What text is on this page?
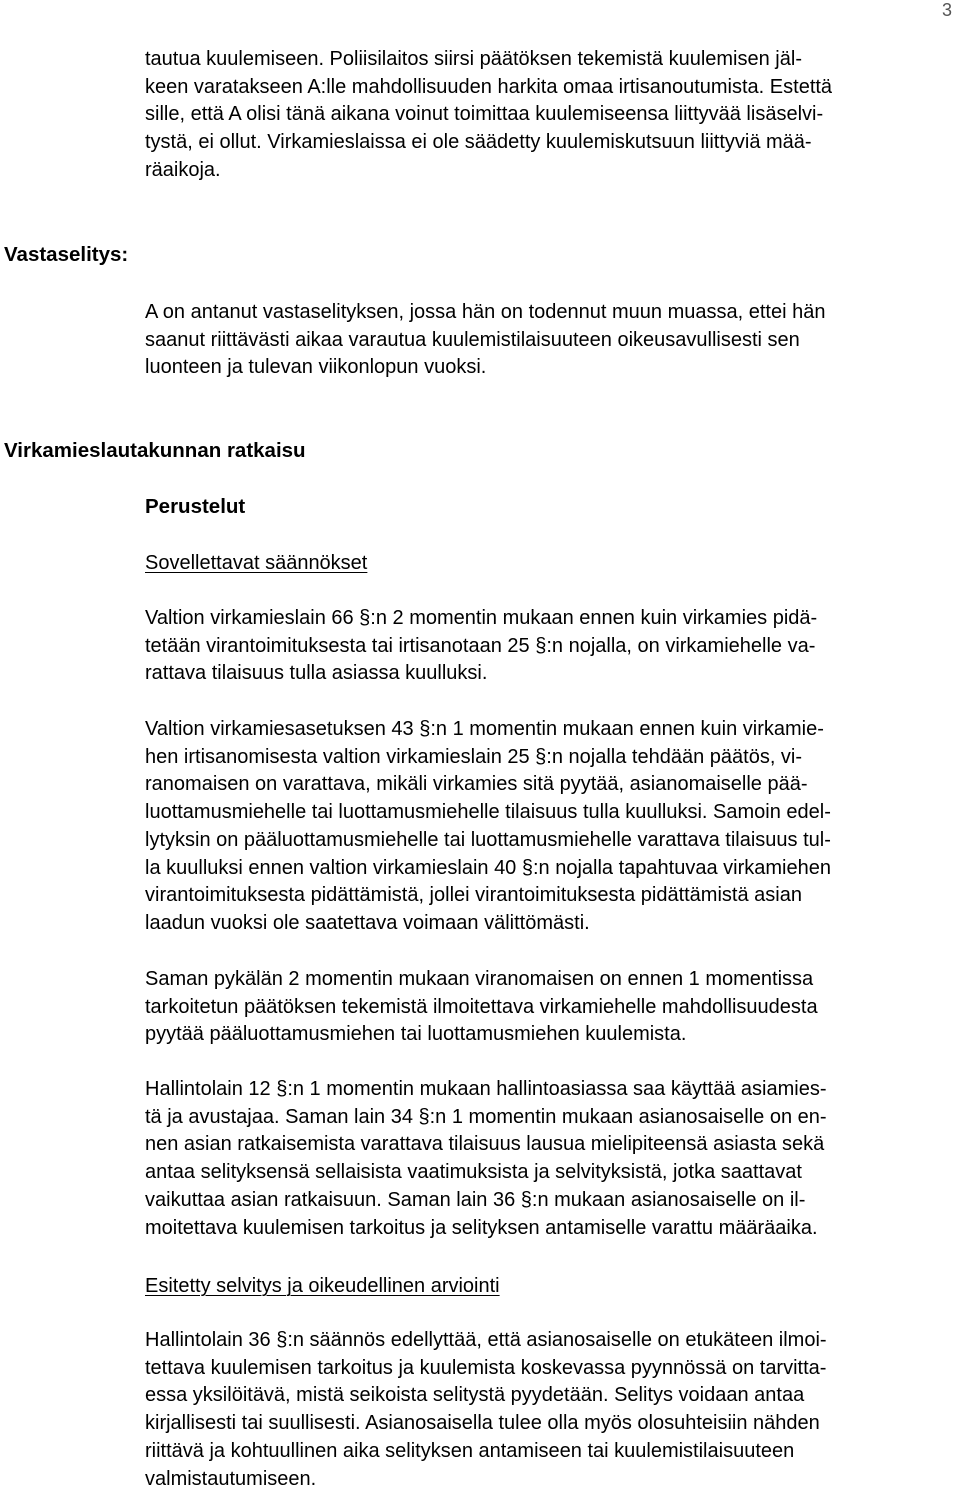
3
tautua kuulemiseen. Poliisilaitos siirsi päätöksen tekemistä kuulemisen jäl-
keen varatakseen A:lle mahdollisuuden harkita omaa irtisanoutumista. Estettä
sille, että A olisi tänä aikana voinut toimittaa kuulemiseensa liittyvää lisäselvi-
tystä, ei ollut. Virkamieslaissa ei ole säädetty kuulemiskutsuun liittyviä mää-
räaikoja.
Vastaselitys:
A on antanut vastaselityksen, jossa hän on todennut muun muassa, ettei hän
saanut riittävästi aikaa varautua kuulemistilaisuuteen oikeusavullisesti sen
luonteen ja tulevan viikonlopun vuoksi.
Virkamieslautakunnan ratkaisu
Perustelut
Sovellettavat säännökset
Valtion virkamieslain 66 §:n 2 momentin mukaan ennen kuin virkamies pidä-
tetään virantoimituksesta tai irtisanotaan 25 §:n nojalla, on virkamiehelle va-
rattava tilaisuus tulla asiassa kuulluksi.
Valtion virkamiesasetuksen 43 §:n 1 momentin mukaan ennen kuin virkamie-
hen irtisanomisesta valtion virkamieslain 25 §:n nojalla tehdään päätös, vi-
ranomaisen on varattava, mikäli virkamies sitä pyytää, asianomaiselle pää-
luottamusmiehelle tai luottamusmiehelle tilaisuus tulla kuulluksi. Samoin edel-
lytyksin on pääluottamusmiehelle tai luottamusmiehelle varattava tilaisuus tul-
la kuulluksi ennen valtion virkamieslain 40 §:n nojalla tapahtuvaa virkamiehen
virantoimituksesta pidättämistä, jollei virantoimituksesta pidättämistä asian
laadun vuoksi ole saatettava voimaan välittömästi.
Saman pykälän 2 momentin mukaan viranomaisen on ennen 1 momentissa
tarkoitetun päätöksen tekemistä ilmoitettava virkamiehelle mahdollisuudesta
pyytää pääluottamusmiehen tai luottamusmiehen kuulemista.
Hallintolain 12 §:n 1 momentin mukaan hallintoasiassa saa käyttää asiamies-
tä ja avustajaa. Saman lain 34 §:n 1 momentin mukaan asianosaiselle on en-
nen asian ratkaisemista varattava tilaisuus lausua mielipiteensä asiasta sekä
antaa selityksensä sellaisista vaatimuksista ja selvityksistä, jotka saattavat
vaikuttaa asian ratkaisuun. Saman lain 36 §:n mukaan asianosaiselle on il-
moitettava kuulemisen tarkoitus ja selityksen antamiselle varattu määräaika.
Esitetty selvitys ja oikeudellinen arviointi
Hallintolain 36 §:n säännös edellyttää, että asianosaiselle on etukäteen ilmoi-
tettava kuulemisen tarkoitus ja kuulemista koskevassa pyynnössä on tarvitta-
essa yksilöitävä, mistä seikoista selitystä pyydetään. Selitys voidaan antaa
kirjallisesti tai suullisesti. Asianosaisella tulee olla myös olosuhteisiin nähden
riittävä ja kohtuullinen aika selityksen antamiseen tai kuulemistilaisuuteen
valmistautumiseen.
